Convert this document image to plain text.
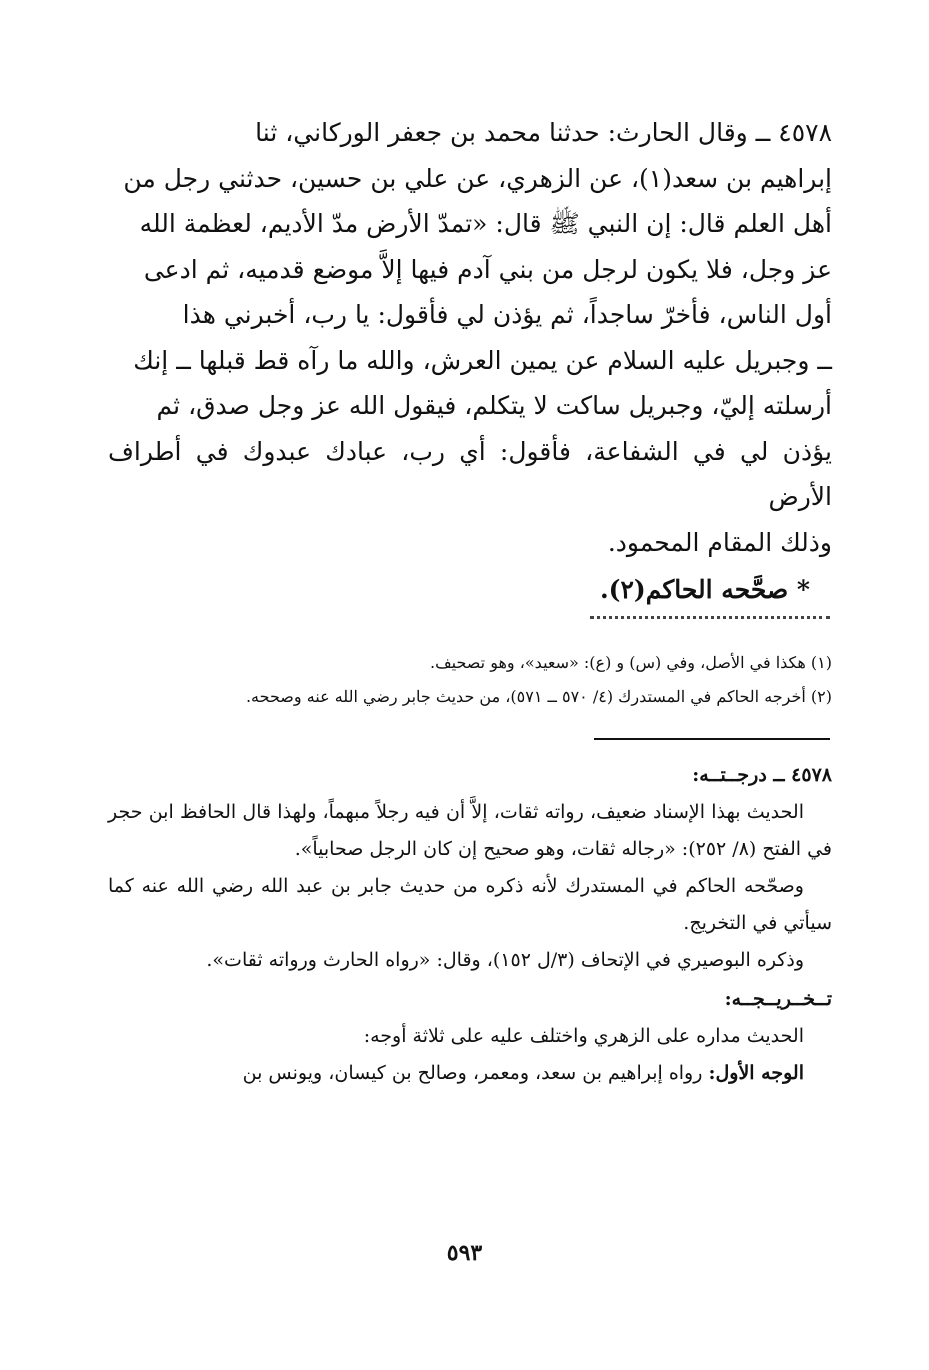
٤٥٧٨ ــ وقال الحارث: حدثنا محمد بن جعفر الوركاني، ثنا

إبراهيم بن سعد(١)، عن الزهري، عن علي بن حسين، حدثني رجل من

أهل العلم قال: إن النبي ﷺ قال: «تمدّ الأرض مدّ الأديم، لعظمة الله

عز وجل، فلا يكون لرجل من بني آدم فيها إلاَّ موضع قدميه، ثم ادعى

أول الناس، فأخرّ ساجداً، ثم يؤذن لي فأقول: يا رب، أخبرني هذا

ــ وجبريل عليه السلام عن يمين العرش، والله ما رآه قط قبلها ــ إنك

أرسلته إليّ، وجبريل ساكت لا يتكلم، فيقول الله عز وجل صدق، ثم

يؤذن لي في الشفاعة، فأقول: أي رب، عبادك عبدوك في أطراف الأرض

وذلك المقام المحمود.

* صحَّحه الحاكم(٢).

(١) هكذا في الأصل، وفي (س) و (ع): «سعيد»، وهو تصحيف.

(٢) أخرجه الحاكم في المستدرك (٤/ ٥٧٠ ــ ٥٧١)، من حديث جابر رضي الله عنه وصححه.

٤٥٧٨ ــ درجــتــه:

الحديث بهذا الإسناد ضعيف، رواته ثقات، إلاَّ أن فيه رجلاً مبهماً، ولهذا قال الحافظ ابن حجر في الفتح (٨/ ٢٥٢): «رجاله ثقات، وهو صحيح إن كان الرجل صحابياً».

وصحّحه الحاكم في المستدرك لأنه ذكره من حديث جابر بن عبد الله رضي الله عنه كما سيأتي في التخريج.

وذكره البوصيري في الإتحاف (٣/ل ١٥٢)، وقال: «رواه الحارث ورواته ثقات».

تــخــريــجــه:

الحديث مداره على الزهري واختلف عليه على ثلاثة أوجه:

الوجه الأول: رواه إبراهيم بن سعد، ومعمر، وصالح بن كيسان، ويونس بن

٥٩٣
